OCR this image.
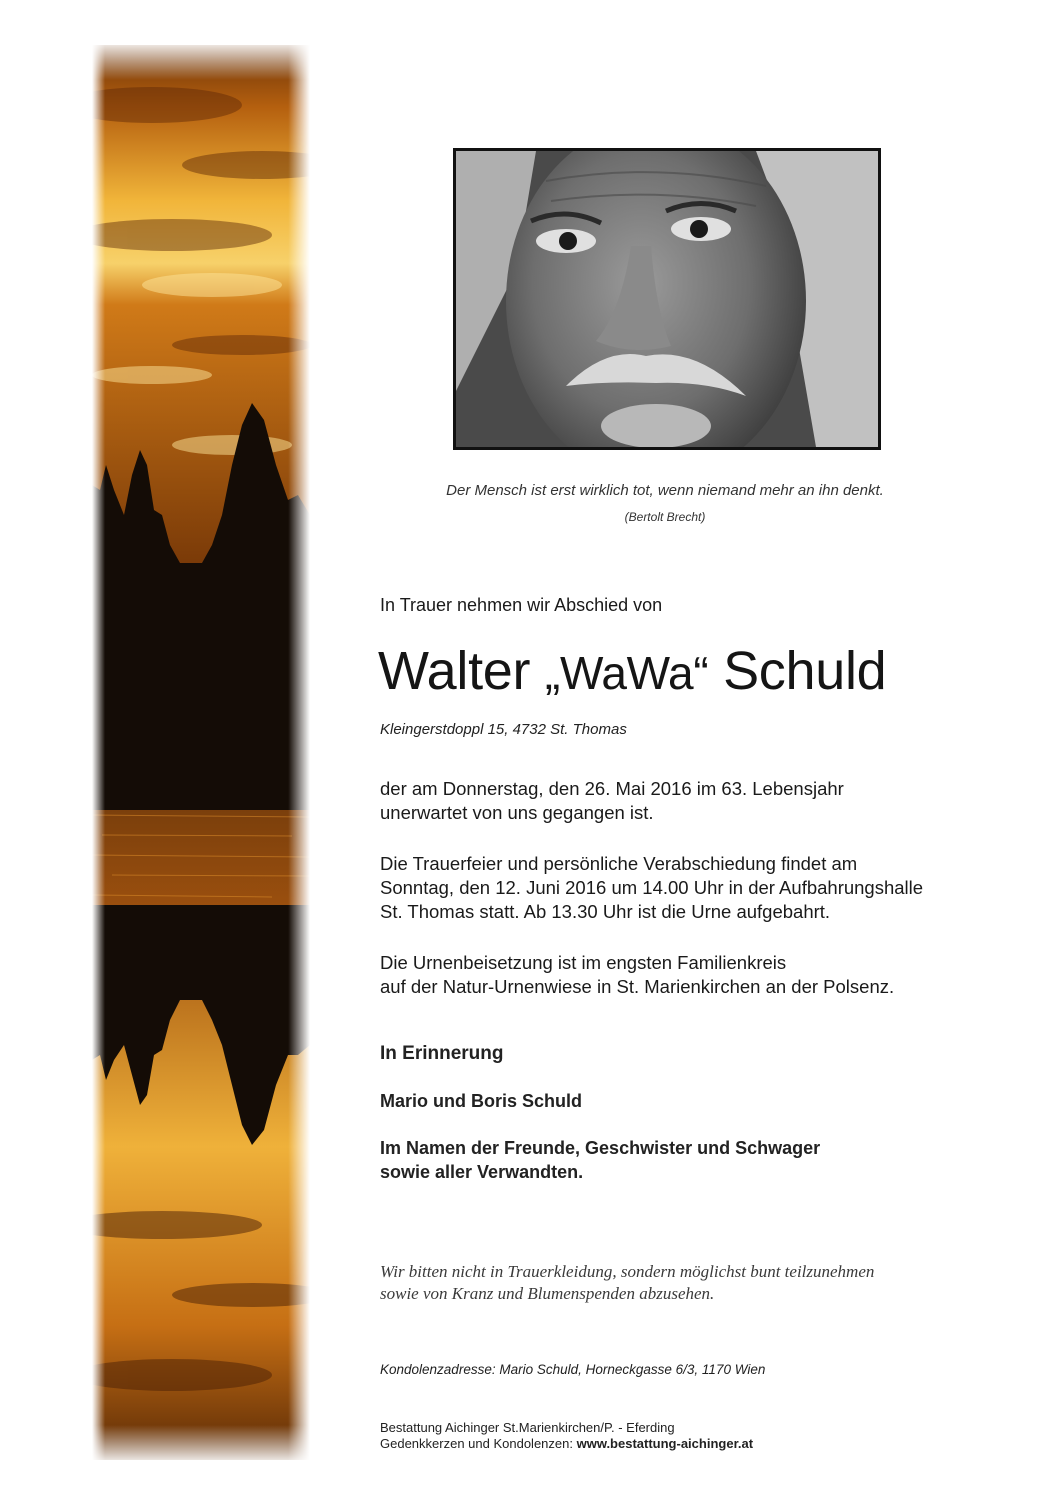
Der Mensch ist erst wirklich tot, wenn niemand mehr an ihn denkt.
(Bertolt Brecht)
In Trauer nehmen wir Abschied von
Walter „WaWa“ Schuld
Kleingerstdoppl 15, 4732 St. Thomas
der am Donnerstag, den 26. Mai 2016 im 63. Lebensjahr
unerwartet von uns gegangen ist.
Die Trauerfeier und persönliche Verabschiedung findet am
Sonntag, den 12. Juni 2016 um 14.00 Uhr in der Aufbahrungshalle
St. Thomas statt. Ab 13.30 Uhr ist die Urne aufgebahrt.
Die Urnenbeisetzung ist im engsten Familienkreis
auf der Natur-Urnenwiese in St. Marienkirchen an der Polsenz.
In Erinnerung
Mario und Boris Schuld
Im Namen der Freunde, Geschwister und Schwager
sowie aller Verwandten.
Wir bitten nicht in Trauerkleidung, sondern möglichst bunt teilzunehmen
sowie von Kranz und Blumenspenden abzusehen.
Kondolenzadresse: Mario Schuld, Horneckgasse 6/3, 1170 Wien
Bestattung Aichinger St.Marienkirchen/P. - Eferding
Gedenkkerzen und Kondolenzen: www.bestattung-aichinger.at
